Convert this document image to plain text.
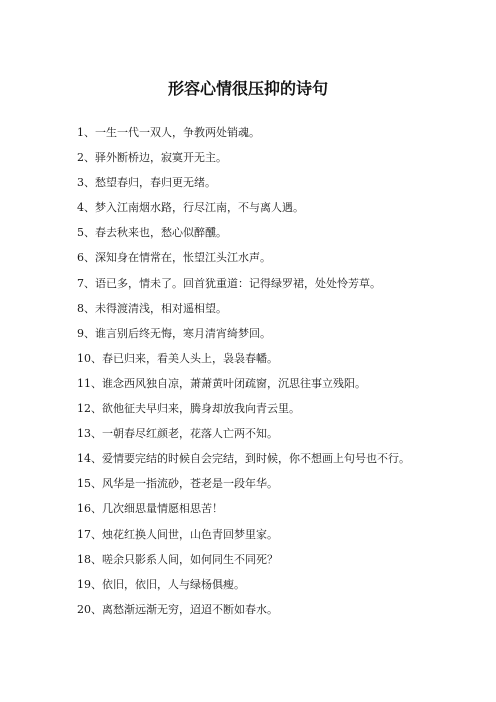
形容心情很压抑的诗句
1、一生一代一双人，争教两处销魂。
2、驿外断桥边，寂寞开无主。
3、愁望春归，春归更无绪。
4、梦入江南烟水路，行尽江南，不与离人遇。
5、春去秋来也，愁心似醉醺。
6、深知身在情常在，怅望江头江水声。
7、语已多，情未了。回首犹重道：记得绿罗裙，处处怜芳草。
8、未得渡清浅，相对遥相望。
9、谁言别后终无悔，寒月清宵绮梦回。
10、春已归来，看美人头上，袅袅春幡。
11、谁念西风独自凉，萧萧黄叶闭疏窗，沉思往事立残阳。
12、欲他征夫早归来，腾身却放我向青云里。
13、一朝春尽红颜老，花落人亡两不知。
14、爱情要完结的时候自会完结，到时候，你不想画上句号也不行。
15、风华是一指流砂，苍老是一段年华。
16、几次细思量情愿相思苦！
17、烛花红换人间世，山色青回梦里家。
18、嗟余只影系人间，如何同生不同死？
19、依旧，依旧，人与绿杨俱瘦。
20、离愁渐远渐无穷，迢迢不断如春水。
